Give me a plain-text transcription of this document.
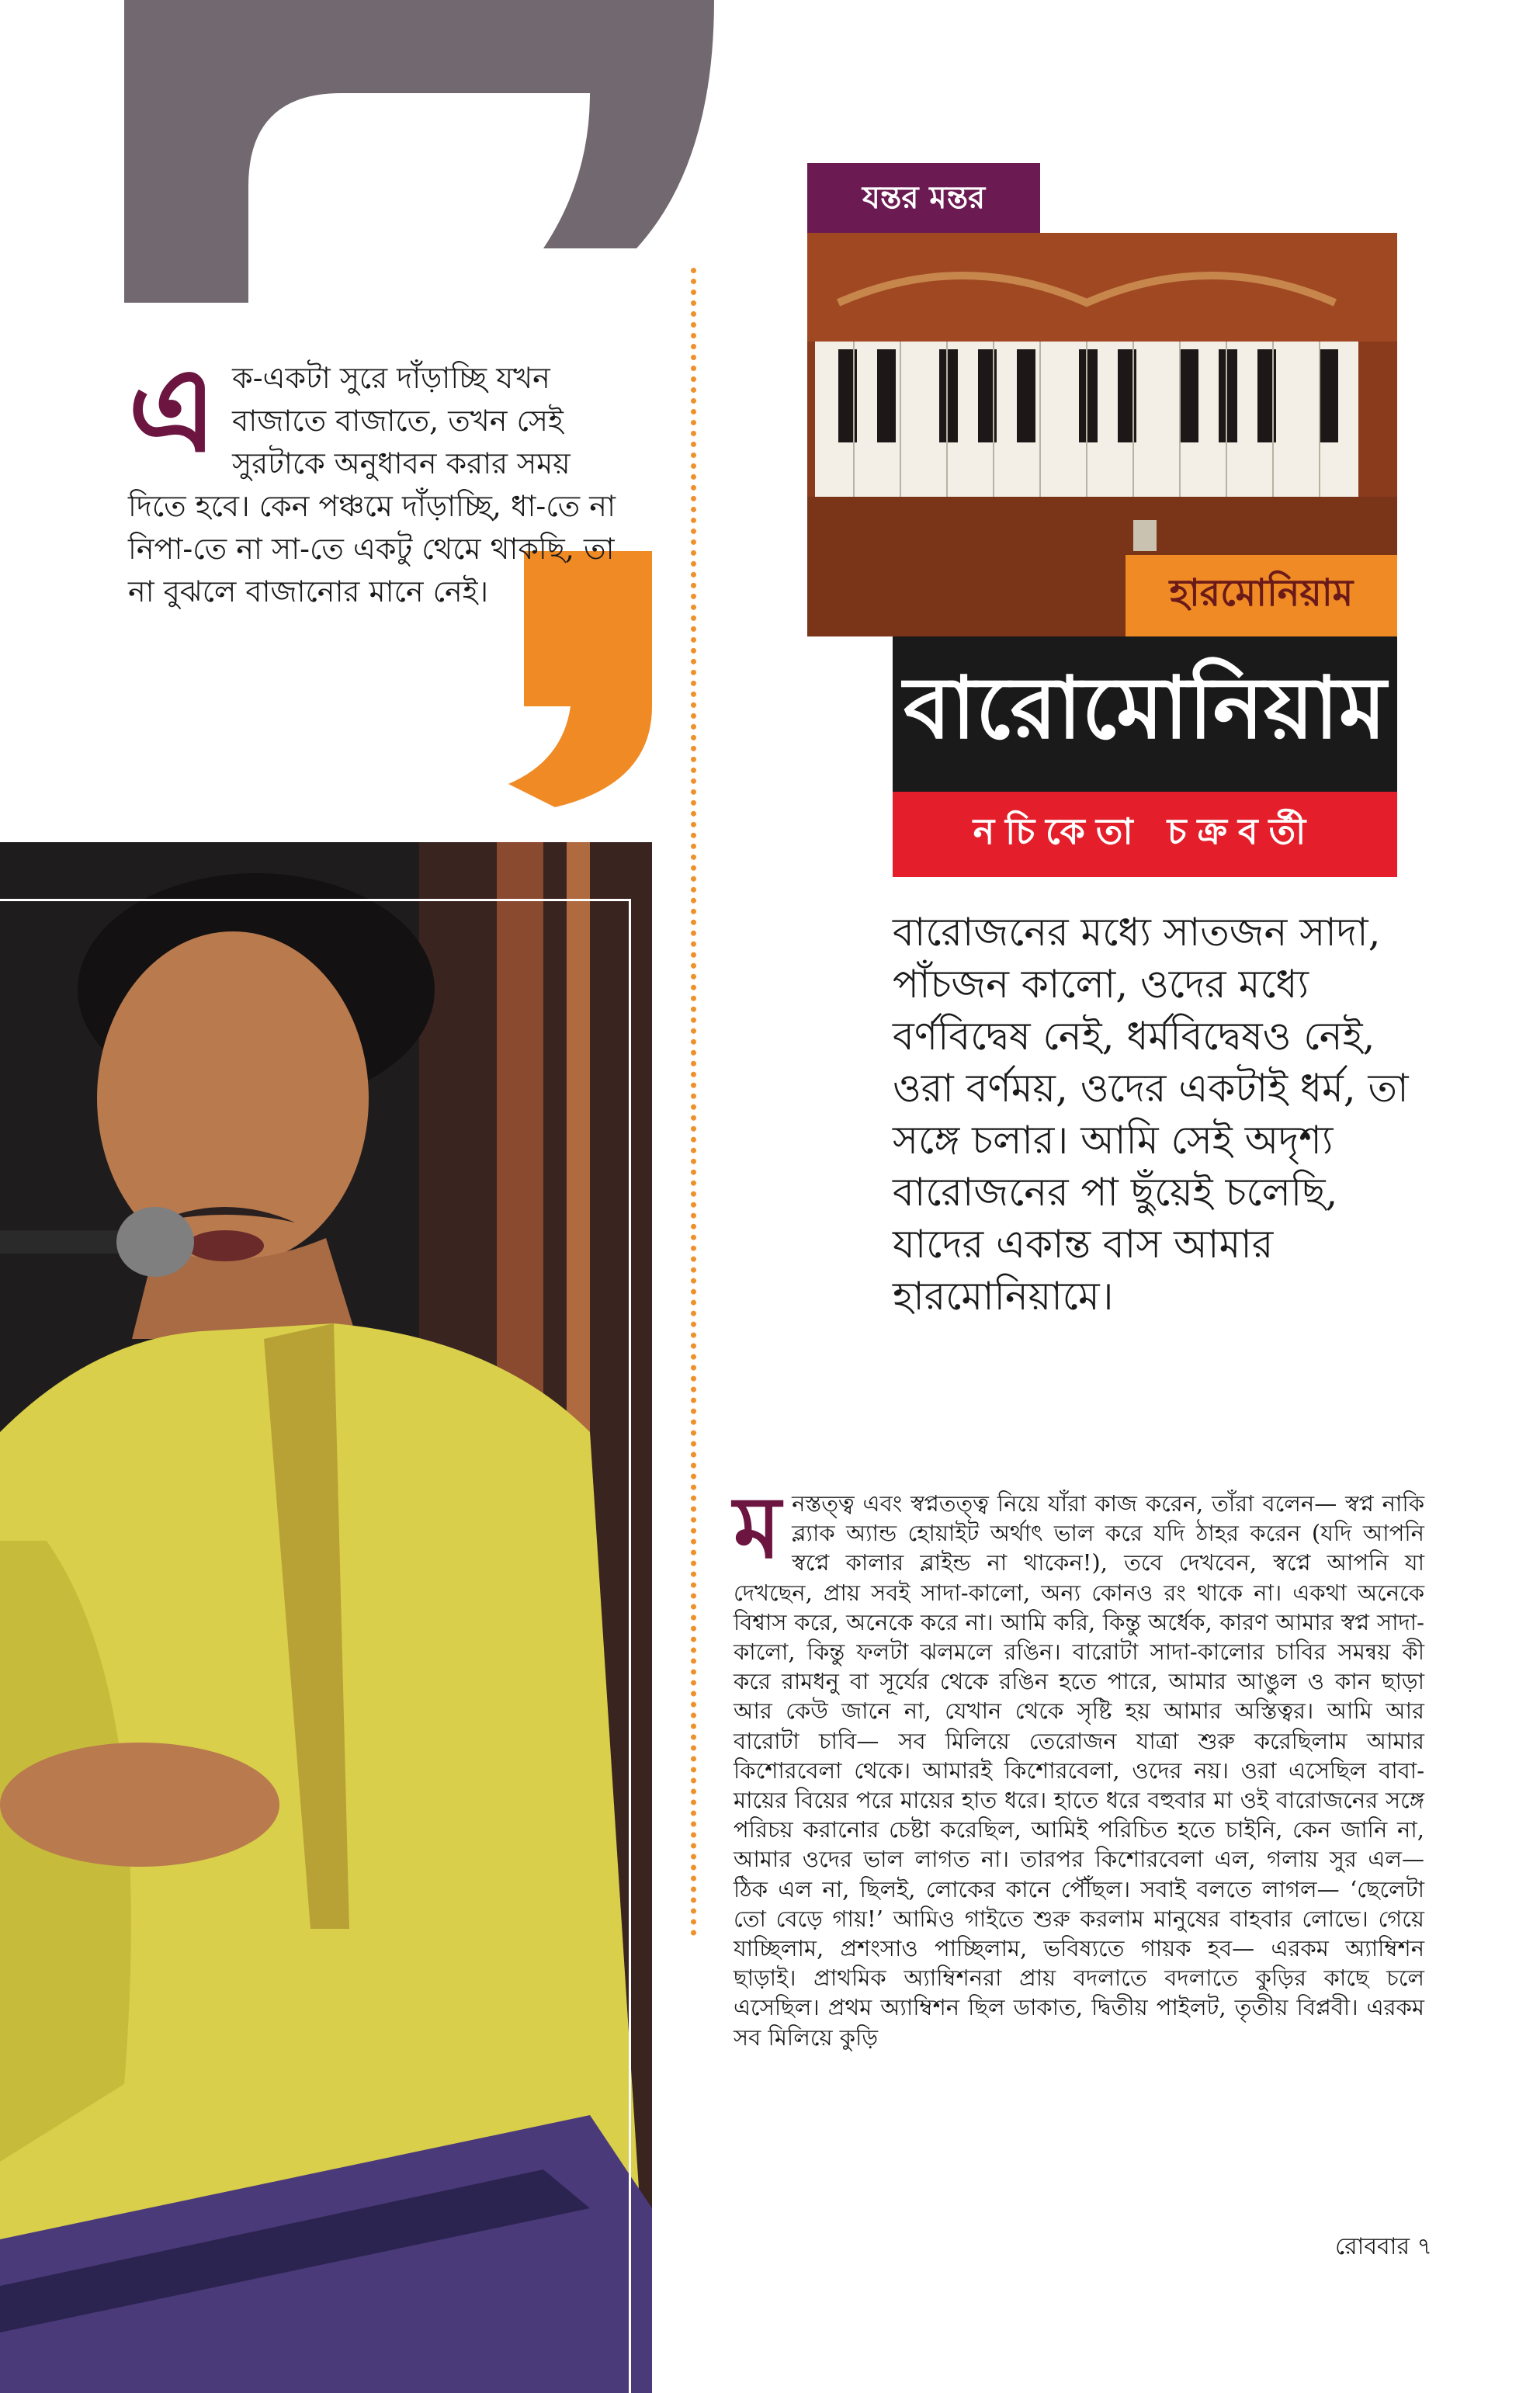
এ ক-একটা সুরে দাঁড়াচ্ছি যখন বাজাতে বাজাতে, তখন সেই সুরটাকে অনুধাবন করার সময় দিতে হবে। কেন পঞ্চমে দাঁড়াচ্ছি, ধা-তে না নিপা-তে না সা-তে একটু থেমে থাকছি, তা না বুঝলে বাজানোর মানে নেই।
যন্তর মন্তর
হারমোনিয়াম
বারোমোনিয়াম
নচিকেতা চক্রবর্তী
বারোজনের মধ্যে সাতজন সাদা, পাঁচজন কালো, ওদের মধ্যে বর্ণবিদ্বেষ নেই, ধর্মবিদ্বেষও নেই, ওরা বর্ণময়, ওদের একটাই ধর্ম, তা সঙ্গে চলার। আমি সেই অদৃশ্য বারোজনের পা ছুঁয়েই চলেছি, যাদের একান্ত বাস আমার হারমোনিয়ামে।
ম নস্তত্ত্ব এবং স্বপ্নতত্ত্ব নিয়ে যাঁরা কাজ করেন, তাঁরা বলেন— স্বপ্ন নাকি ব্ল্যাক অ্যান্ড হোয়াইট অর্থাৎ ভাল করে যদি ঠাহর করেন (যদি আপনি স্বপ্নে কালার ব্লাইন্ড না থাকেন!), তবে দেখবেন, স্বপ্নে আপনি যা দেখছেন, প্রায় সবই সাদা-কালো, অন্য কোনও রং থাকে না। একথা অনেকে বিশ্বাস করে, অনেকে করে না। আমি করি, কিন্তু অর্ধেক, কারণ আমার স্বপ্ন সাদা-কালো, কিন্তু ফলটা ঝলমলে রঙিন। বারোটা সাদা-কালোর চাবির সমন্বয় কী করে রামধনু বা সূর্যের থেকে রঙিন হতে পারে, আমার আঙুল ও কান ছাড়া আর কেউ জানে না, যেখান থেকে সৃষ্টি হয় আমার অস্তিত্বর। আমি আর বারোটা চাবি— সব মিলিয়ে তেরোজন যাত্রা শুরু করেছিলাম আমার কিশোরবেলা থেকে। আমারই কিশোরবেলা, ওদের নয়। ওরা এসেছিল বাবা-মায়ের বিয়ের পরে মায়ের হাত ধরে। হাতে ধরে বহুবার মা ওই বারোজনের সঙ্গে পরিচয় করানোর চেষ্টা করেছিল, আমিই পরিচিত হতে চাইনি, কেন জানি না, আমার ওদের ভাল লাগত না। তারপর কিশোরবেলা এল, গলায় সুর এল— ঠিক এল না, ছিলই, লোকের কানে পৌঁছল। সবাই বলতে লাগল— ‘ছেলেটা তো বেড়ে গায়!’ আমিও গাইতে শুরু করলাম মানুষের বাহবার লোভে। গেয়ে যাচ্ছিলাম, প্রশংসাও পাচ্ছিলাম, ভবিষ্যতে গায়ক হব— এরকম অ্যাম্বিশন ছাড়াই। প্রাথমিক অ্যাম্বিশনরা প্রায় বদলাতে বদলাতে কুড়ির কাছে চলে এসেছিল। প্রথম অ্যাম্বিশন ছিল ডাকাত, দ্বিতীয় পাইলট, তৃতীয় বিপ্লবী। এরকম সব মিলিয়ে কুড়ি
রোববার ৭
